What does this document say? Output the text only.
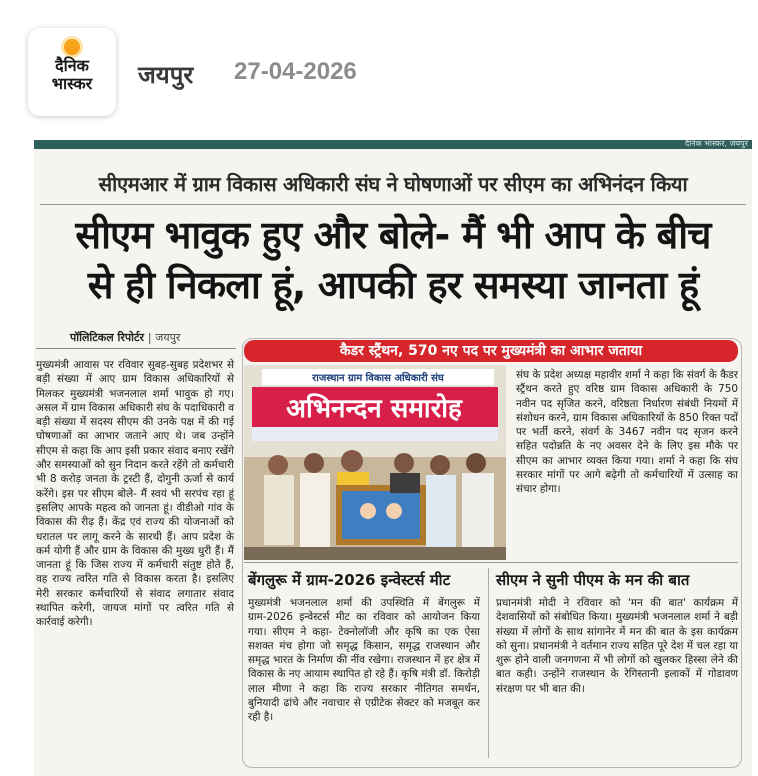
दैनिक
भास्कर	जयपुर 27-04-2026
दैनिक भास्कर, जयपुर
सीएमआर में ग्राम विकास अधिकारी संघ ने घोषणाओं पर सीएम का अभिनंदन किया
सीएम भावुक हुए और बोले- मैं भी आप के बीच
से ही निकला हूं, आपकी हर समस्या जानता हूं
पॉलिटिकल रिपोर्टर | जयपुर
मुख्यमंत्री आवास पर रविवार सुबह-सुबह प्रदेशभर से बड़ी संख्या में आए ग्राम विकास अधिकारियों से मिलकर मुख्यमंत्री भजनलाल शर्मा भावुक हो गए। असल में ग्राम विकास अधिकारी संघ के पदाधिकारी व बड़ी संख्या में सदस्य सीएम की उनके पक्ष में की गई घोषणाओं का आभार जताने आए थे। जब उन्होंने सीएम से कहा कि आप इसी प्रकार संवाद बनाए रखेंगे और समस्याओं को सुन निदान करते रहेंगे तो कर्मचारी भी 8 करोड़ जनता के ट्रस्टी हैं, दोगुनी ऊर्जा से कार्य करेंगे। इस पर सीएम बोले- मैं स्वयं भी सरपंच रहा हूं इसलिए आपके महत्व को जानता हूं। वीडीओ गांव के विकास की रीढ़ हैं। केंद्र एवं राज्य की योजनाओं को धरातल पर लागू करने के सारथी हैं। आप प्रदेश के कर्म योगी हैं और ग्राम के विकास की मुख्य धुरी हैं। मैं जानता हूं कि जिस राज्य में कर्मचारी संतुष्ट होते हैं, वह राज्य त्वरित गति से विकास करता है। इसलिए मेरी सरकार कर्मचारियों से संवाद लगातार संवाद स्थापित करेगी, जायज मांगों पर त्वरित गति से कार्रवाई करेगी।
कैडर स्ट्रैंथन, 570 नए पद पर मुख्यमंत्री का आभार जताया
राजस्थान ग्राम विकास अधिकारी संघ
अभिनन्दन समारोह
संघ के प्रदेश अध्यक्ष महावीर शर्मा ने कहा कि संवर्ग के कैडर स्ट्रैंथन करते हुए वरिष्ठ ग्राम विकास अधिकारी के 750 नवीन पद सृजित करने, वरिष्ठता निर्धारण संबंधी नियमों में संशोधन करने, ग्राम विकास अधिकारियों के 850 रिक्त पदों पर भर्ती करने, संवर्ग के 3467 नवीन पद सृजन करने सहित पदोन्नति के नए अवसर देने के लिए इस मौके पर सीएम का आभार व्यक्त किया गया। शर्मा ने कहा कि संघ सरकार मांगों पर आगे बढ़ेगी तो कर्मचारियों में उत्साह का संचार होगा।
बेंगलुरू में ग्राम-2026 इन्वेस्टर्स मीट	सीएम ने सुनी पीएम के मन की बात
मुख्यमंत्री भजनलाल शर्मा की उपस्थिति में बेंगलुरू में ग्राम-2026 इन्वेस्टर्स मीट का रविवार को आयोजन किया गया। सीएम ने कहा- टेक्नोलॉजी और कृषि का एक ऐसा सशक्त मंच होगा जो समृद्ध किसान, समृद्ध राजस्थान और समृद्ध भारत के निर्माण की नींव रखेगा। राजस्थान में हर क्षेत्र में विकास के नए आयाम स्थापित हो रहे हैं। कृषि मंत्री डॉ. किरोड़ी लाल मीणा ने कहा कि राज्य सरकार नीतिगत समर्थन, बुनियादी ढांचे और नवाचार से एग्रीटेक सेक्टर को मजबूत कर रही है।
प्रधानमंत्री मोदी ने रविवार को 'मन की बात' कार्यक्रम में देशवासियों को संबोधित किया। मुख्यमंत्री भजनलाल शर्मा ने बड़ी संख्या में लोगों के साथ सांगानेर में मन की बात के इस कार्यक्रम को सुना। प्रधानमंत्री ने वर्तमान राज्य सहित पूरे देश में चल रहा या शुरू होने वाली जनगणना में भी लोगों को खुलकर हिस्सा लेने की बात कही। उन्होंने राजस्थान के रेगिस्तानी इलाकों में गोडावण संरक्षण पर भी बात की।
